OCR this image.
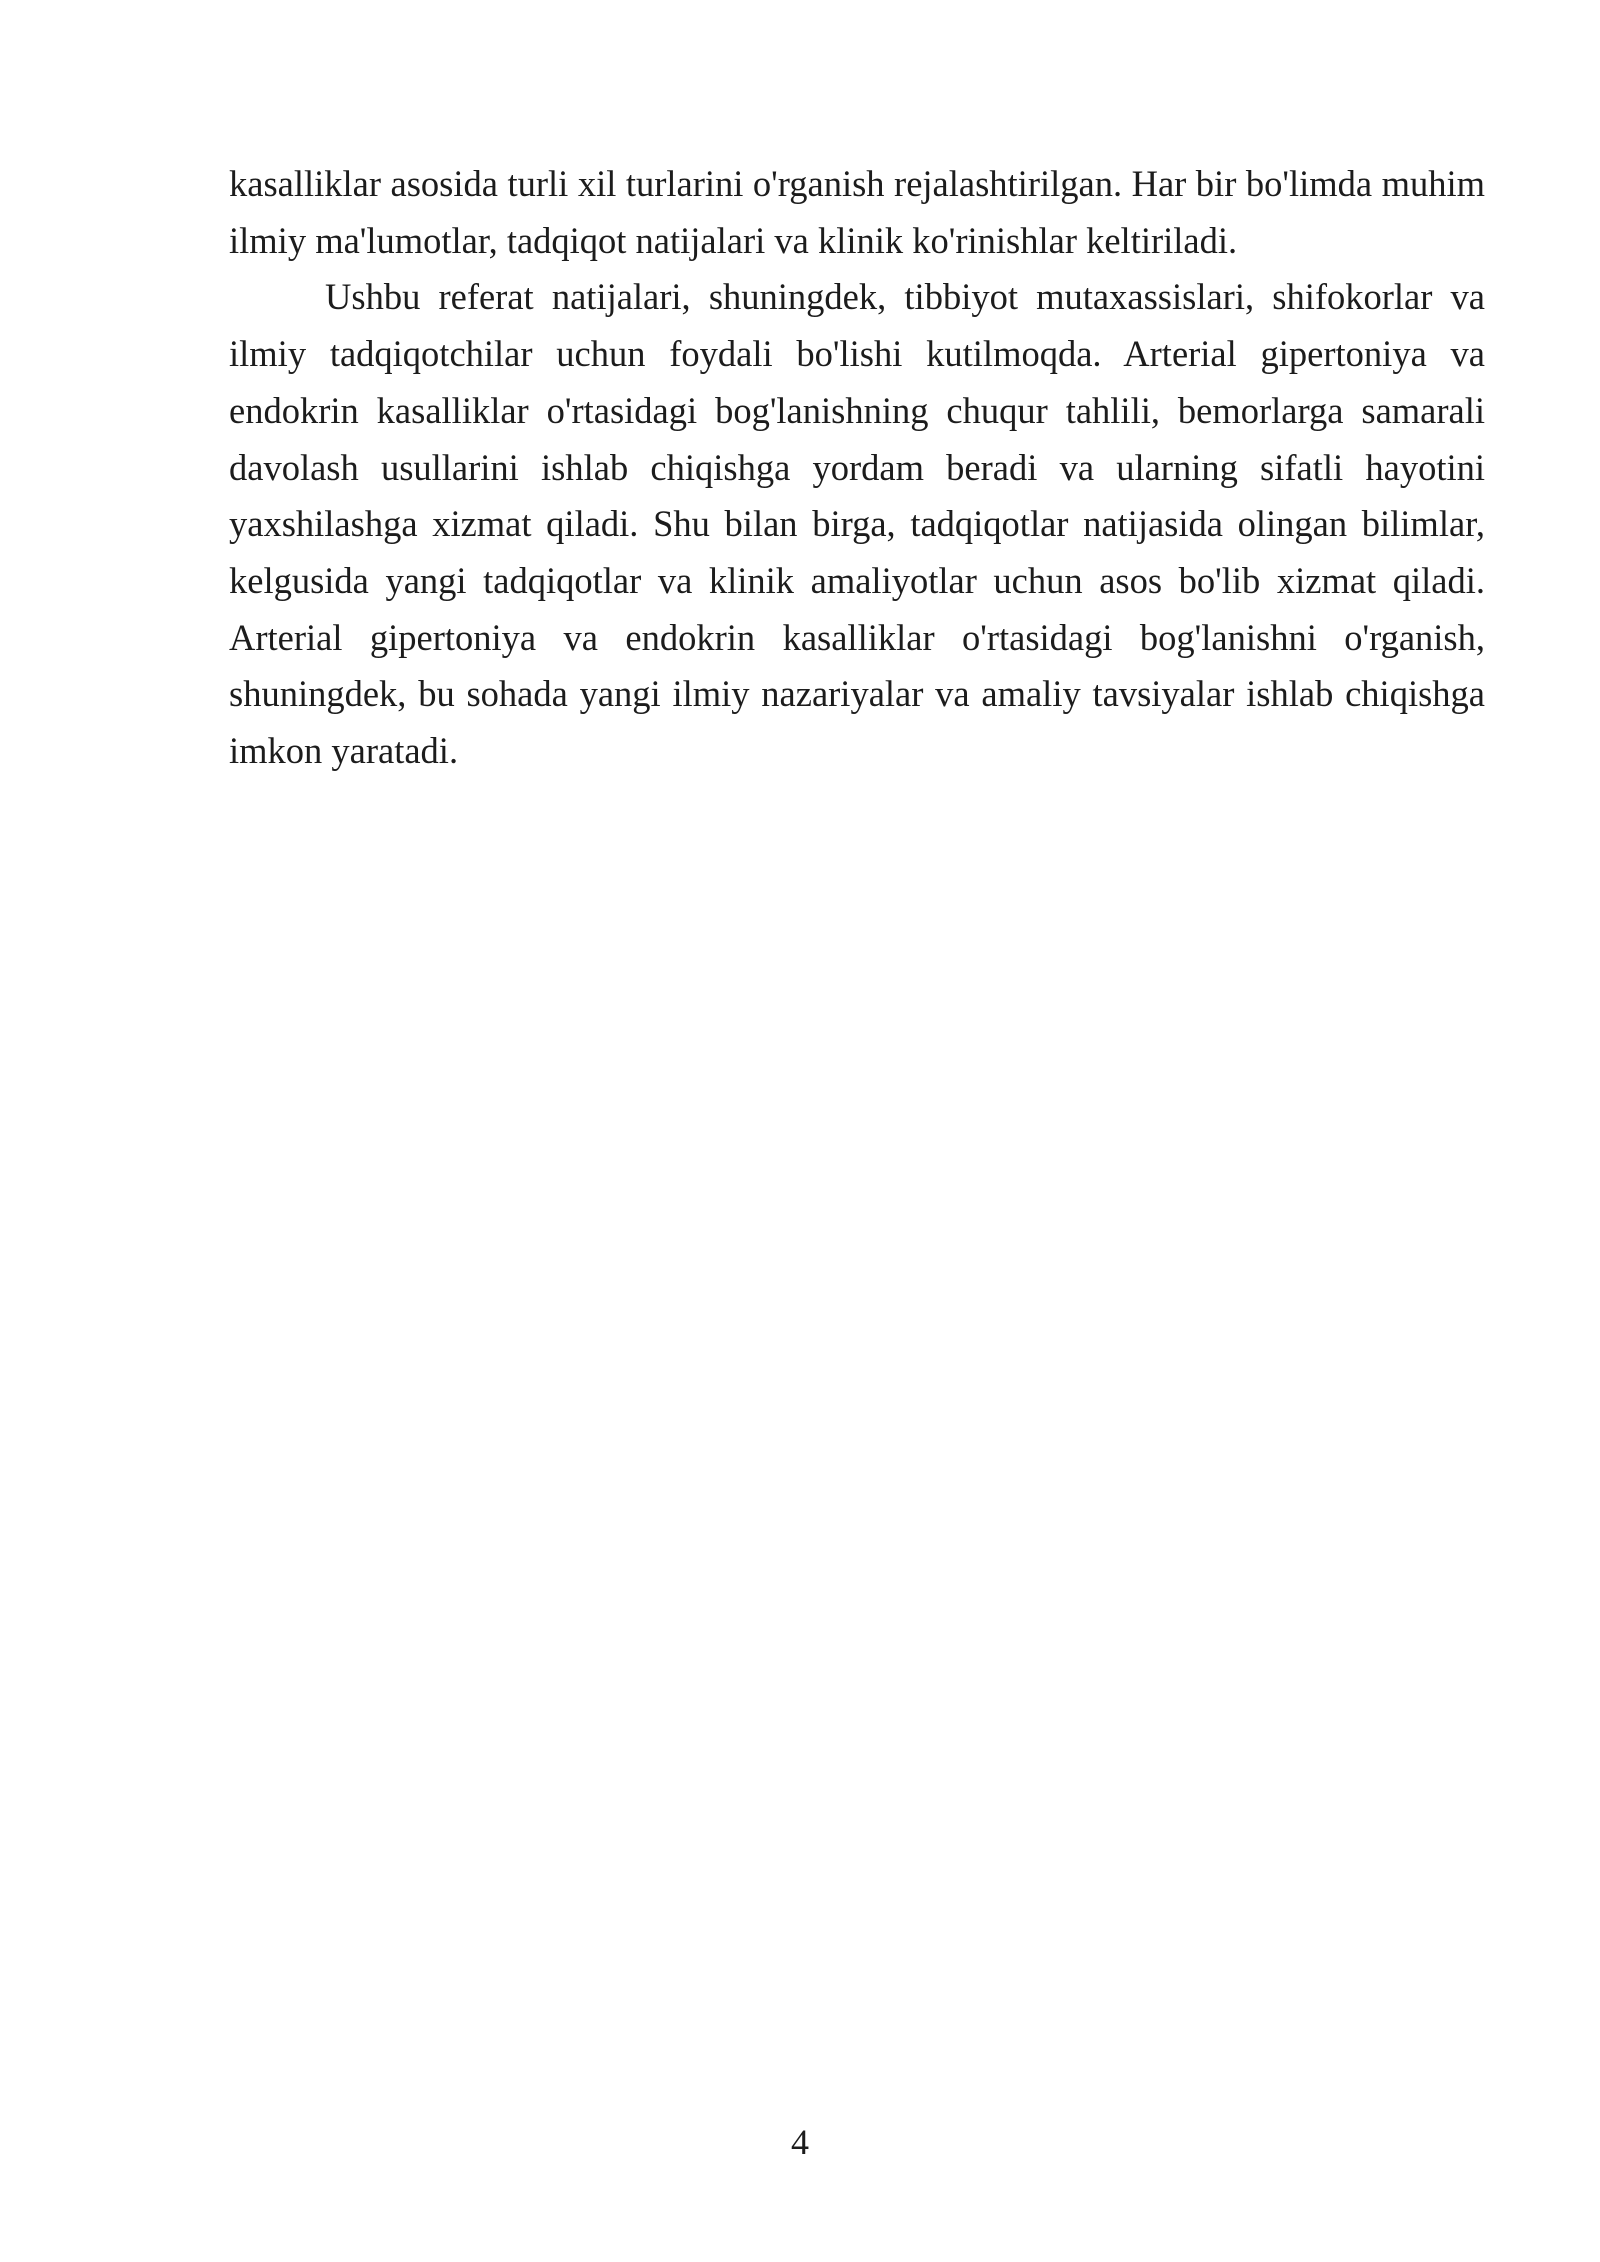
kasalliklar asosida turli xil turlarini o'rganish rejalashtirilgan. Har bir bo'limda muhim ilmiy ma'lumotlar, tadqiqot natijalari va klinik ko'rinishlar keltiriladi.

Ushbu referat natijalari, shuningdek, tibbiyot mutaxassislari, shifokorlar va ilmiy tadqiqotchilar uchun foydali bo'lishi kutilmoqda. Arterial gipertoniya va endokrin kasalliklar o'rtasidagi bog'lanishning chuqur tahlili, bemorlarga samarali davolash usullarini ishlab chiqishga yordam beradi va ularning sifatli hayotini yaxshilashga xizmat qiladi. Shu bilan birga, tadqiqotlar natijasida olingan bilimlar, kelgusida yangi tadqiqotlar va klinik amaliyotlar uchun asos bo'lib xizmat qiladi. Arterial gipertoniya va endokrin kasalliklar o'rtasidagi bog'lanishni o'rganish, shuningdek, bu sohada yangi ilmiy nazariyalar va amaliy tavsiyalar ishlab chiqishga imkon yaratadi.

4
